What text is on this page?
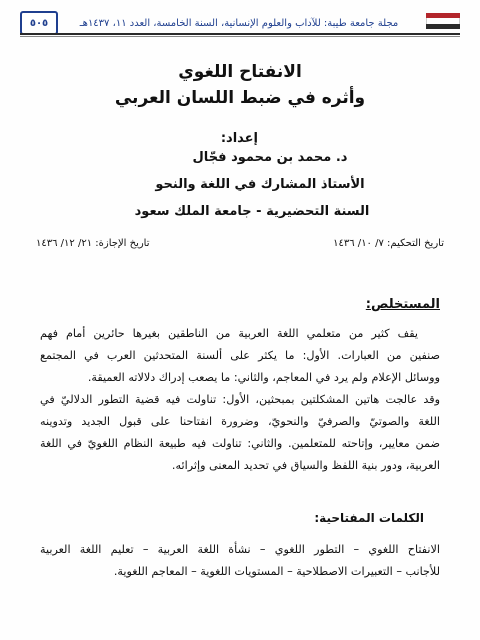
مجلة جامعة طيبة: للآداب والعلوم الإنسانية، السنة الخامسة، العدد ١١، ١٤٣٧هـ
٥٠٥
الانفتاح اللغوي
وأثره في ضبط اللسان العربي
إعداد:
د. محمد بن محمود فجّال
الأستاذ المشارك في اللغة والنحو
السنة التحضيرية - جامعة الملك سعود
تاريخ التحكيم: ٧/ ١٠/ ١٤٣٦
تاريخ الإجازة: ٢١/ ١٢/ ١٤٣٦
المستخلص:
يقف كثير من متعلمي اللغة العربية من الناطقين بغيرها حائرين أمام فهم
صنفين من العبارات. الأول: ما يكثر على ألسنة المتحدثين العرب في المجتمع
ووسائل الإعلام ولم يرد في المعاجم، والثاني: ما يصعب إدراك دلالاته العميقة.
وقد عالجت هاتين المشكلتين بمبحثين، الأول: تناولت فيه قضية التطور الدلاليّ في
اللغة والصوتيّ والصرفيّ والنحويّ، وضرورة انفتاحنا على قبول الجديد وتدوينه
ضمن معايير، وإتاحته للمتعلمين. والثاني: تناولت فيه طبيعة النظام اللغويّ في اللغة
العربية، ودور بنية اللفظ والسياق في تحديد المعنى وإثرائه.
الكلمات المفتاحية:
الانفتاح اللغوي – التطور اللغوي – نشأة اللغة العربية – تعليم اللغة العربية
للأجانب – التعبيرات الاصطلاحية – المستويات اللغوية – المعاجم اللغوية.
